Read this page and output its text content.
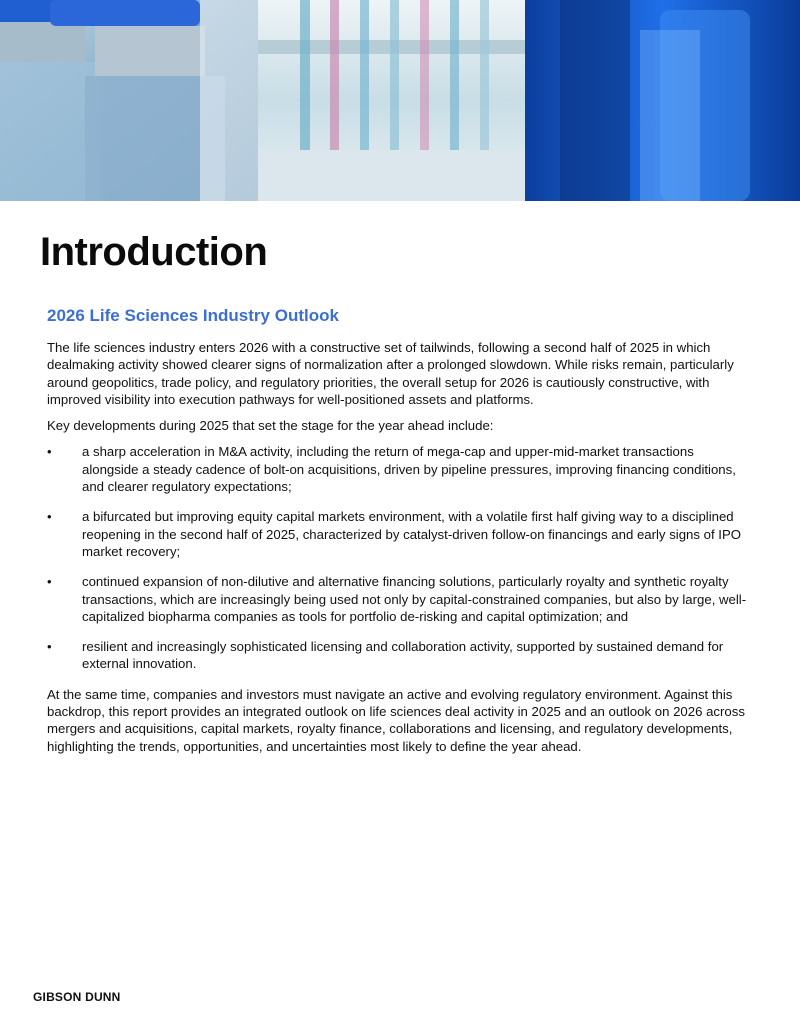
Introduction
2026 Life Sciences Industry Outlook

The life sciences industry enters 2026 with a constructive set of tailwinds, following a second half of 2025 in which dealmaking activity showed clearer signs of normalization after a prolonged slowdown. While risks remain, particularly around geopolitics, trade policy, and regulatory priorities, the overall setup for 2026 is cautiously constructive, with improved visibility into execution pathways for well-positioned assets and platforms.

Key developments during 2025 that set the stage for the year ahead include:

•	a sharp acceleration in M&A activity, including the return of mega-cap and upper-mid-market transactions alongside a steady cadence of bolt-on acquisitions, driven by pipeline pressures, improving financing conditions, and clearer regulatory expectations;
•	a bifurcated but improving equity capital markets environment, with a volatile first half giving way to a disciplined reopening in the second half of 2025, characterized by catalyst-driven follow-on financings and early signs of IPO market recovery;
•	continued expansion of non-dilutive and alternative financing solutions, particularly royalty and synthetic royalty transactions, which are increasingly being used not only by capital-constrained companies, but also by large, well-capitalized biopharma companies as tools for portfolio de-risking and capital optimization; and
•	resilient and increasingly sophisticated licensing and collaboration activity, supported by sustained demand for external innovation.

At the same time, companies and investors must navigate an active and evolving regulatory environment. Against this backdrop, this report provides an integrated outlook on life sciences deal activity in 2025 and an outlook on 2026 across mergers and acquisitions, capital markets, royalty finance, collaborations and licensing, and regulatory developments, highlighting the trends, opportunities, and uncertainties most likely to define the year ahead.

GIBSON DUNN
